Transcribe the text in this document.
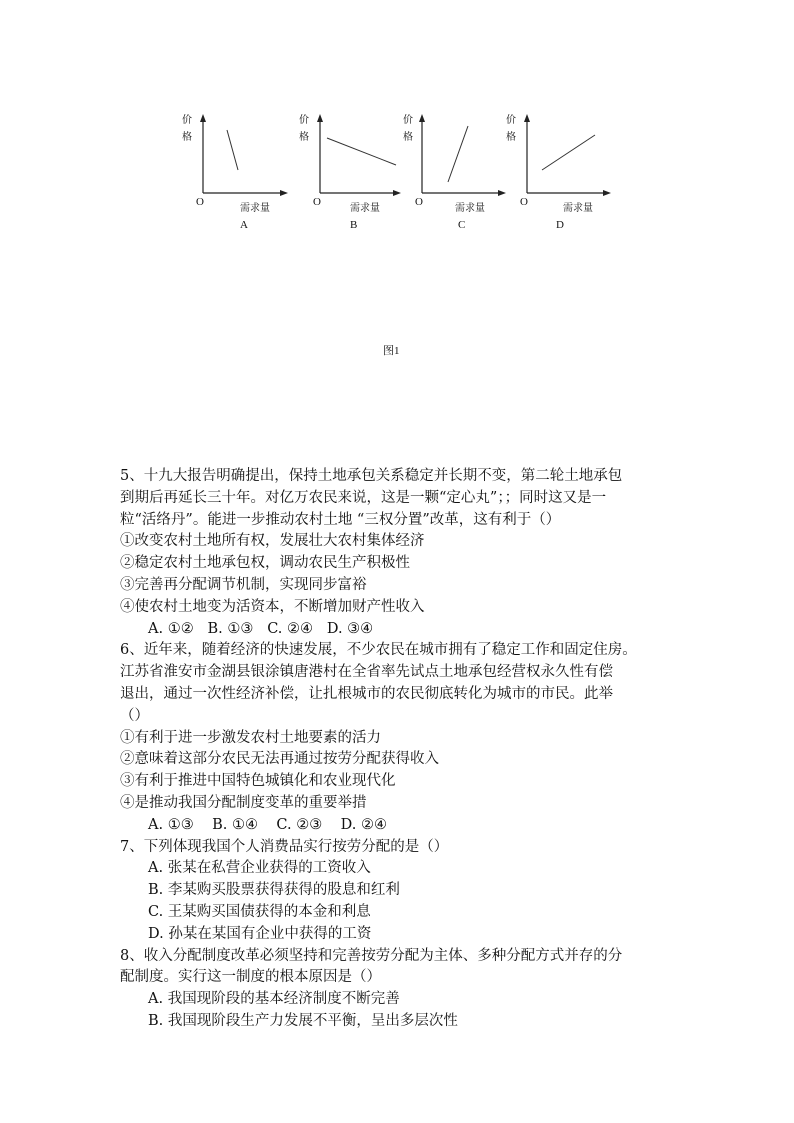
价
格
O
需求量
A
价
格
O
需求量
B
价
格
O
需求量
C
价
格
O
需求量
D
图1
5、十九大报告明确提出，保持土地承包关系稳定并长期不变，第二轮土地承包
到期后再延长三十年。对亿万农民来说，这是一颗“定心丸”；；同时这又是一
粒“活络丹”。能进一步推动农村土地 “三权分置”改革，这有利于（）
①改变农村土地所有权，发展壮大农村集体经济
②稳定农村土地承包权，调动农民生产积极性
③完善再分配调节机制，实现同步富裕
④使农村土地变为活资本，不断增加财产性收入
A. ①②   B. ①③   C. ②④   D. ③④
6、近年来，随着经济的快速发展，不少农民在城市拥有了稳定工作和固定住房。
江苏省淮安市金湖县银涂镇唐港村在全省率先试点土地承包经营权永久性有偿
退出，通过一次性经济补偿，让扎根城市的农民彻底转化为城市的市民。此举
（）
①有利于进一步激发农村土地要素的活力
②意味着这部分农民无法再通过按劳分配获得收入
③有利于推进中国特色城镇化和农业现代化
④是推动我国分配制度变革的重要举措
A. ①③    B. ①④    C. ②③    D. ②④
7、下列体现我国个人消费品实行按劳分配的是（）
A. 张某在私营企业获得的工资收入
B. 李某购买股票获得获得的股息和红利
C. 王某购买国债获得的本金和利息
D. 孙某在某国有企业中获得的工资
8、收入分配制度改革必须坚持和完善按劳分配为主体、多种分配方式并存的分
配制度。实行这一制度的根本原因是（）
A. 我国现阶段的基本经济制度不断完善
B. 我国现阶段生产力发展不平衡，呈出多层次性
